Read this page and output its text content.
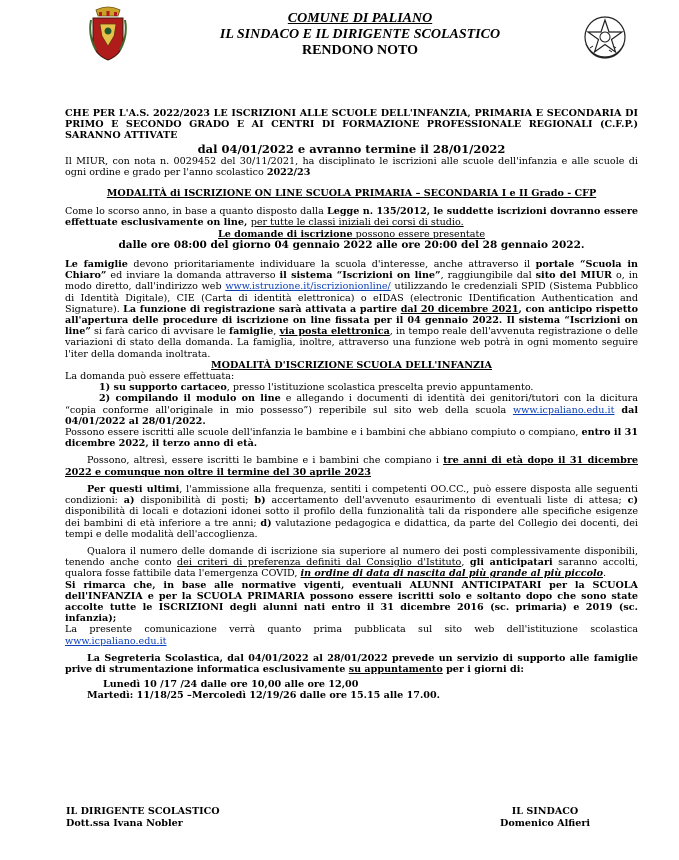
COMUNE DI PALIANO
IL SINDACO E IL DIRIGENTE SCOLASTICO
RENDONO NOTO

CHE PER L'A.S. 2022/2023 LE ISCRIZIONI ALLE SCUOLE DELL'INFANZIA, PRIMARIA E SECONDARIA DI PRIMO E SECONDO GRADO E AI CENTRI DI FORMAZIONE PROFESSIONALE REGIONALI (C.F.P.) SARANNO ATTIVATE

dal 04/01/2022 e avranno termine il 28/01/2022

Il MIUR, con nota n. 0029452 del 30/11/2021, ha disciplinato le iscrizioni alle scuole dell'infanzia e alle scuole di ogni ordine e grado per l'anno scolastico 2022/23

MODALITÀ di ISCRIZIONE ON LINE SCUOLA PRIMARIA – SECONDARIA I e II Grado - CFP

Come lo scorso anno, in base a quanto disposto dalla Legge n. 135/2012, le suddette iscrizioni dovranno essere effettuate esclusivamente on line, per tutte le classi iniziali dei corsi di studio.

Le domande di iscrizione possono essere presentate

dalle ore 08:00 del giorno 04 gennaio 2022 alle ore 20:00 del 28 gennaio 2022.

Le famiglie devono prioritariamente individuare la scuola d'interesse, anche attraverso il portale “Scuola in Chiaro” ed inviare la domanda attraverso il sistema “Iscrizioni on line”, raggiungibile dal sito del MIUR o, in modo diretto, dall'indirizzo web www.istruzione.it/iscrizionionline/ utilizzando le credenziali SPID (Sistema Pubblico di Identità Digitale), CIE (Carta di identità elettronica) o eIDAS (electronic IDentification Authentication and Signature). La funzione di registrazione sarà attivata a partire dal 20 dicembre 2021, con anticipo rispetto all'apertura delle procedure di iscrizione on line fissata per il 04 gennaio 2022. Il sistema “Iscrizioni on line” si farà carico di avvisare le famiglie, via posta elettronica, in tempo reale dell'avvenuta registrazione o delle variazioni di stato della domanda. La famiglia, inoltre, attraverso una funzione web potrà in ogni momento seguire l'iter della domanda inoltrata.

MODALITÀ D'ISCRIZIONE SCUOLA DELL'INFANZIA

La domanda può essere effettuata:

1) su supporto cartaceo, presso l'istituzione scolastica prescelta previo appuntamento.

2) compilando il modulo on line e allegando i documenti di identità dei genitori/tutori con la dicitura “copia conforme all'originale in mio possesso”) reperibile sul sito web della scuola www.icpaliano.edu.it dal 04/01/2022 al 28/01/2022.

Possono essere iscritti alle scuole dell'infanzia le bambine e i bambini che abbiano compiuto o compiano, entro il 31 dicembre 2022, il terzo anno di età.

Possono, altresì, essere iscritti le bambine e i bambini che compiano i tre anni di età dopo il 31 dicembre 2022 e comunque non oltre il termine del 30 aprile 2023

Per questi ultimi, l'ammissione alla frequenza, sentiti i competenti OO.CC., può essere disposta alle seguenti condizioni: a) disponibilità di posti; b) accertamento dell'avvenuto esaurimento di eventuali liste di attesa; c) disponibilità di locali e dotazioni idonei sotto il profilo della funzionalità tali da rispondere alle specifiche esigenze dei bambini di età inferiore a tre anni; d) valutazione pedagogica e didattica, da parte del Collegio dei docenti, dei tempi e delle modalità dell'accoglienza.

Qualora il numero delle domande di iscrizione sia superiore al numero dei posti complessivamente disponibili, tenendo anche conto dei criteri di preferenza definiti dal Consiglio d'Istituto, gli anticipatari saranno accolti, qualora fosse fattibile data l'emergenza COVID, in ordine di data di nascita dal più grande al più piccolo.

Si rimarca che, in base alle normative vigenti, eventuali ALUNNI ANTICIPATARI per la SCUOLA dell'INFANZIA e per la SCUOLA PRIMARIA possono essere iscritti solo e soltanto dopo che sono state accolte tutte le ISCRIZIONI degli alunni nati entro il 31 dicembre 2016 (sc. primaria) e 2019 (sc. infanzia);

La presente comunicazione verrà quanto prima pubblicata sul sito web dell'istituzione scolastica www.icpaliano.edu.it

La Segreteria Scolastica, dal 04/01/2022 al 28/01/2022 prevede un servizio di supporto alle famiglie prive di strumentazione informatica esclusivamente su appuntamento per i giorni di:

Lunedì 10 /17 /24 dalle ore 10,00 alle ore 12,00

Martedì: 11/18/25 –Mercoledì 12/19/26 dalle ore 15.15 alle 17.00.

IL DIRIGENTE SCOLASTICO
Dott.ssa Ivana Nobler
IL SINDACO
Domenico Alfieri
